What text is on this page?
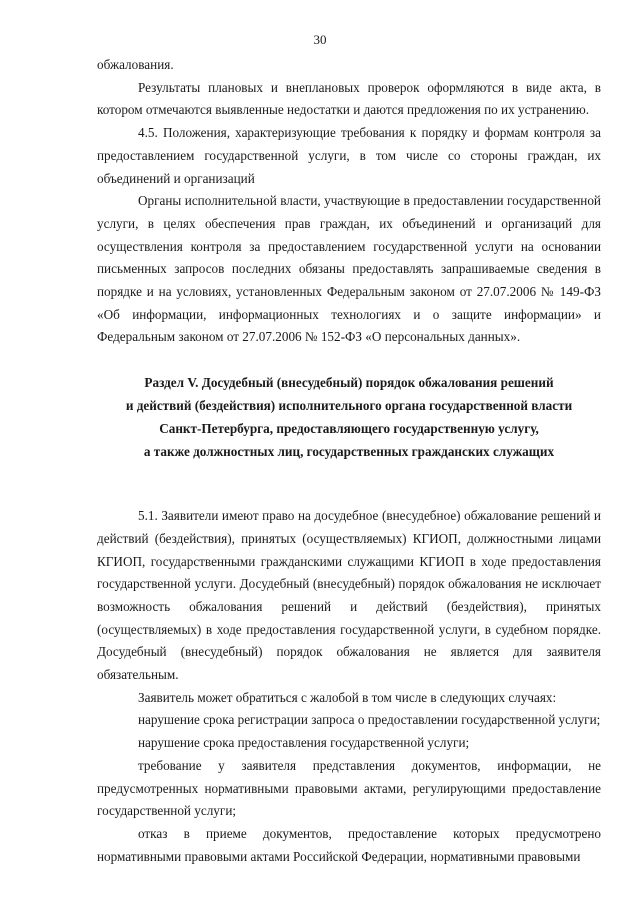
30

обжалования.

Результаты плановых и внеплановых проверок оформляются в виде акта, в котором отмечаются выявленные недостатки и даются предложения по их устранению.

4.5. Положения, характеризующие требования к порядку и формам контроля за предоставлением государственной услуги, в том числе со стороны граждан, их объединений и организаций

Органы исполнительной власти, участвующие в предоставлении государственной услуги, в целях обеспечения прав граждан, их объединений и организаций для осуществления контроля за предоставлением государственной услуги на основании письменных запросов последних обязаны предоставлять запрашиваемые сведения в порядке и на условиях, установленных Федеральным законом от 27.07.2006 № 149-ФЗ «Об информации, информационных технологиях и о защите информации» и Федеральным законом от 27.07.2006 № 152-ФЗ «О персональных данных».

Раздел V. Досудебный (внесудебный) порядок обжалования решений

и действий (бездействия) исполнительного органа государственной власти

Санкт-Петербурга, предоставляющего государственную услугу,

а также должностных лиц, государственных гражданских служащих

5.1. Заявители имеют право на досудебное (внесудебное) обжалование решений и действий (бездействия), принятых (осуществляемых) КГИОП, должностными лицами КГИОП, государственными гражданскими служащими КГИОП в ходе предоставления государственной услуги. Досудебный (внесудебный) порядок обжалования не исключает возможность обжалования решений и действий (бездействия), принятых (осуществляемых) в ходе предоставления государственной услуги, в судебном порядке. Досудебный (внесудебный) порядок обжалования не является для заявителя обязательным.

Заявитель может обратиться с жалобой в том числе в следующих случаях:

нарушение срока регистрации запроса о предоставлении государственной услуги;

нарушение срока предоставления государственной услуги;

требование у заявителя представления документов, информации, не предусмотренных нормативными правовыми актами, регулирующими предоставление государственной услуги;

отказ в приеме документов, предоставление которых предусмотрено нормативными правовыми актами Российской Федерации, нормативными правовыми
